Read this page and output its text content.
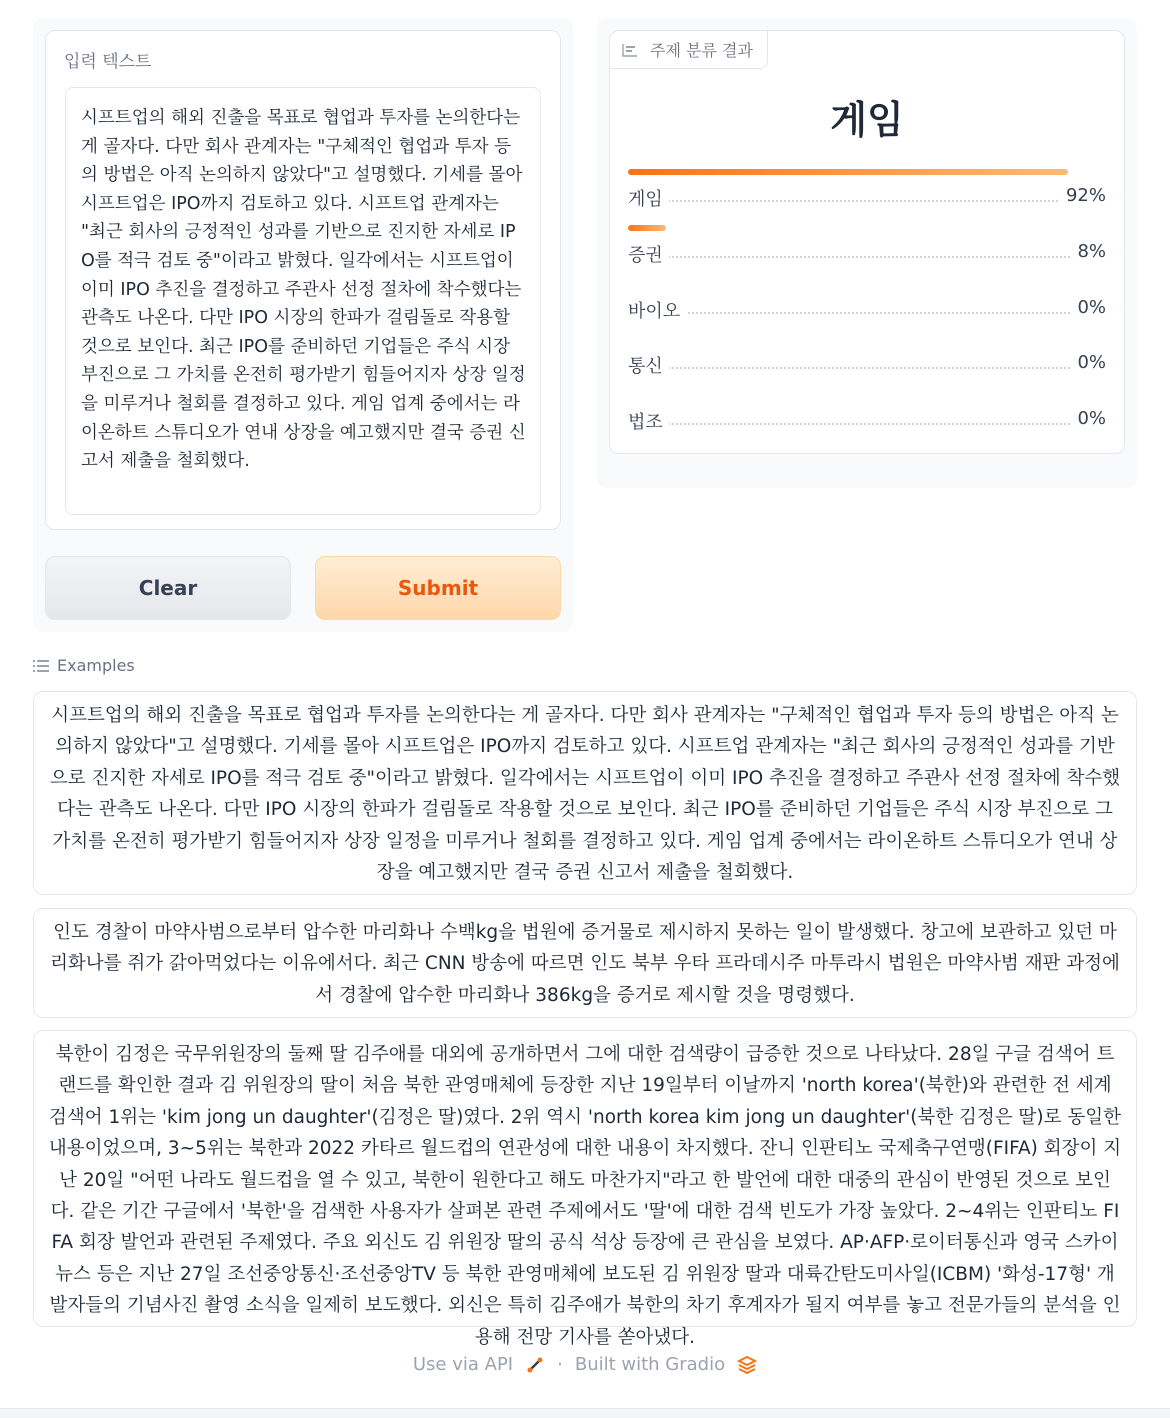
입력 텍스트
시프트업의 해외 진출을 목표로 협업과 투자를 논의한다는 게 골자다. 다만 회사 관계자는 "구체적인 협업과 투자 등의 방법은 아직 논의하지 않았다"고 설명했다. 기세를 몰아 시프트업은 IPO까지 검토하고 있다. 시프트업 관계자는 "최근 회사의 긍정적인 성과를 기반으로 진지한 자세로 IPO를 적극 검토 중"이라고 밝혔다. 일각에서는 시프트업이 이미 IPO 추진을 결정하고 주관사 선정 절차에 착수했다는 관측도 나온다. 다만 IPO 시장의 한파가 걸림돌로 작용할 것으로 보인다. 최근 IPO를 준비하던 기업들은 주식 시장 부진으로 그 가치를 온전히 평가받기 힘들어지자 상장 일정을 미루거나 철회를 결정하고 있다. 게임 업계 중에서는 라이온하트 스튜디오가 연내 상장을 예고했지만 결국 증권 신고서 제출을 철회했다.
Clear	Submit
주제 분류 결과
게임
게임	92%
증권	8%
바이오	0%
통신	0%
법조	0%
Examples
시프트업의 해외 진출을 목표로 협업과 투자를 논의한다는 게 골자다. 다만 회사 관계자는 "구체적인 협업과 투자 등의 방법은 아직 논의하지 않았다"고 설명했다. 기세를 몰아 시프트업은 IPO까지 검토하고 있다. 시프트업 관계자는 "최근 회사의 긍정적인 성과를 기반으로 진지한 자세로 IPO를 적극 검토 중"이라고 밝혔다. 일각에서는 시프트업이 이미 IPO 추진을 결정하고 주관사 선정 절차에 착수했다는 관측도 나온다. 다만 IPO 시장의 한파가 걸림돌로 작용할 것으로 보인다. 최근 IPO를 준비하던 기업들은 주식 시장 부진으로 그 가치를 온전히 평가받기 힘들어지자 상장 일정을 미루거나 철회를 결정하고 있다. 게임 업계 중에서는 라이온하트 스튜디오가 연내 상장을 예고했지만 결국 증권 신고서 제출을 철회했다.
인도 경찰이 마약사범으로부터 압수한 마리화나 수백kg을 법원에 증거물로 제시하지 못하는 일이 발생했다. 창고에 보관하고 있던 마리화나를 쥐가 갉아먹었다는 이유에서다. 최근 CNN 방송에 따르면 인도 북부 우타 프라데시주 마투라시 법원은 마약사범 재판 과정에서 경찰에 압수한 마리화나 386kg을 증거로 제시할 것을 명령했다.
북한이 김정은 국무위원장의 둘째 딸 김주애를 대외에 공개하면서 그에 대한 검색량이 급증한 것으로 나타났다. 28일 구글 검색어 트랜드를 확인한 결과 김 위원장의 딸이 처음 북한 관영매체에 등장한 지난 19일부터 이날까지 'north korea'(북한)와 관련한 전 세계 검색어 1위는 'kim jong un daughter'(김정은 딸)였다. 2위 역시 'north korea kim jong un daughter'(북한 김정은 딸)로 동일한 내용이었으며, 3~5위는 북한과 2022 카타르 월드컵의 연관성에 대한 내용이 차지했다. 잔니 인판티노 국제축구연맹(FIFA) 회장이 지난 20일 "어떤 나라도 월드컵을 열 수 있고, 북한이 원한다고 해도 마찬가지"라고 한 발언에 대한 대중의 관심이 반영된 것으로 보인다. 같은 기간 구글에서 '북한'을 검색한 사용자가 살펴본 관련 주제에서도 '딸'에 대한 검색 빈도가 가장 높았다. 2~4위는 인판티노 FIFA 회장 발언과 관련된 주제였다. 주요 외신도 김 위원장 딸의 공식 석상 등장에 큰 관심을 보였다. AP·AFP·로이터통신과 영국 스카이뉴스 등은 지난 27일 조선중앙통신·조선중앙TV 등 북한 관영매체에 보도된 김 위원장 딸과 대륙간탄도미사일(ICBM) '화성-17형' 개발자들의 기념사진 촬영 소식을 일제히 보도했다. 외신은 특히 김주애가 북한의 차기 후계자가 될지 여부를 놓고 전문가들의 분석을 인용해 전망 기사를 쏟아냈다.
Use via API · Built with Gradio
